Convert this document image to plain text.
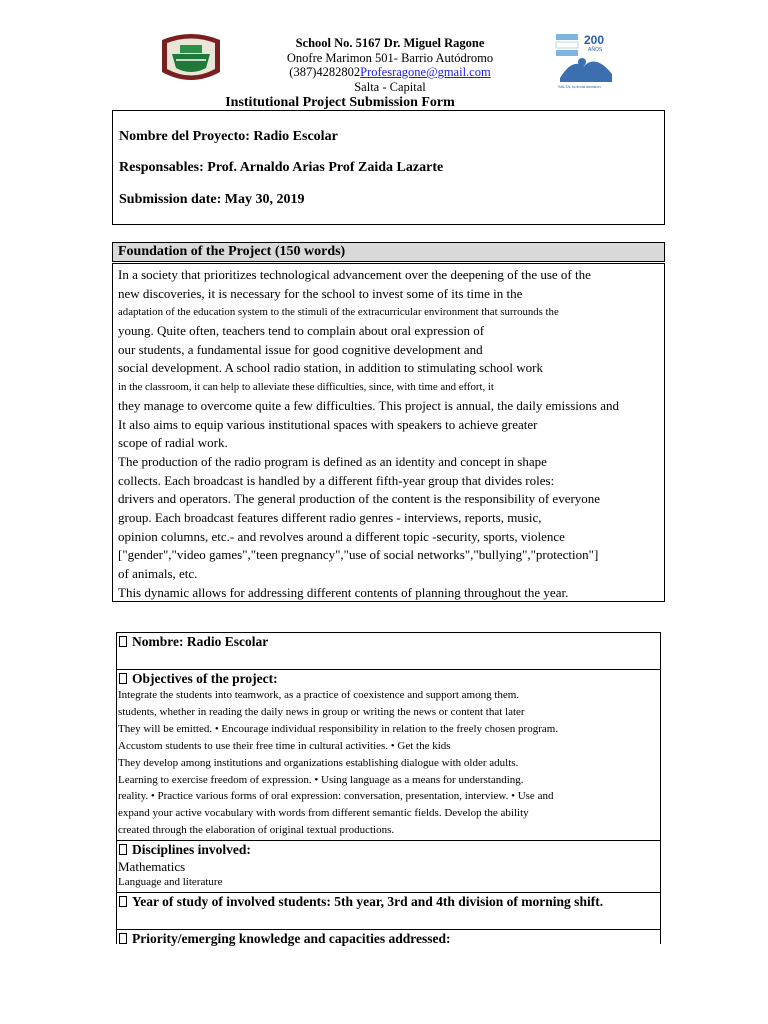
200
AÑOS
SALTA, la lindá decisión
School No. 5167 Dr. Miguel Ragone
Onofre Marimon 501- Barrio Autódromo
(387)4282802Profesragone@gmail.com
Salta - Capital
Institutional Project Submission Form
Nombre del Proyecto: Radio Escolar
Responsables: Prof. Arnaldo Arias Prof Zaida Lazarte
Submission date: May 30, 2019
Foundation of the Project (150 words)
In a society that prioritizes technological advancement over the deepening of the use of the
new discoveries, it is necessary for the school to invest some of its time in the
adaptation of the education system to the stimuli of the extracurricular environment that surrounds the
young. Quite often, teachers tend to complain about oral expression of
our students, a fundamental issue for good cognitive development and
social development. A school radio station, in addition to stimulating school work
in the classroom, it can help to alleviate these difficulties, since, with time and effort, it
they manage to overcome quite a few difficulties. This project is annual, the daily emissions and
It also aims to equip various institutional spaces with speakers to achieve greater
scope of radial work.
The production of the radio program is defined as an identity and concept in shape
collects. Each broadcast is handled by a different fifth-year group that divides roles:
drivers and operators. The general production of the content is the responsibility of everyone
group. Each broadcast features different radio genres - interviews, reports, music,
opinion columns, etc.- and revolves around a different topic -security, sports, violence
["gender","video games","teen pregnancy","use of social networks","bullying","protection"]
of animals, etc.
This dynamic allows for addressing different contents of planning throughout the year.
Nombre: Radio Escolar
Objectives of the project:
Integrate the students into teamwork, as a practice of coexistence and support among them.
students, whether in reading the daily news in group or writing the news or content that later
They will be emitted. • Encourage individual responsibility in relation to the freely chosen program.
Accustom students to use their free time in cultural activities. • Get the kids
They develop among institutions and organizations establishing dialogue with older adults.
Learning to exercise freedom of expression. • Using language as a means for understanding.
reality. • Practice various forms of oral expression: conversation, presentation, interview. • Use and
expand your active vocabulary with words from different semantic fields. Develop the ability
created through the elaboration of original textual productions.
Disciplines involved:
Mathematics
Language and literature
Year of study of involved students: 5th year, 3rd and 4th division of morning shift.
Priority/emerging knowledge and capacities addressed:
